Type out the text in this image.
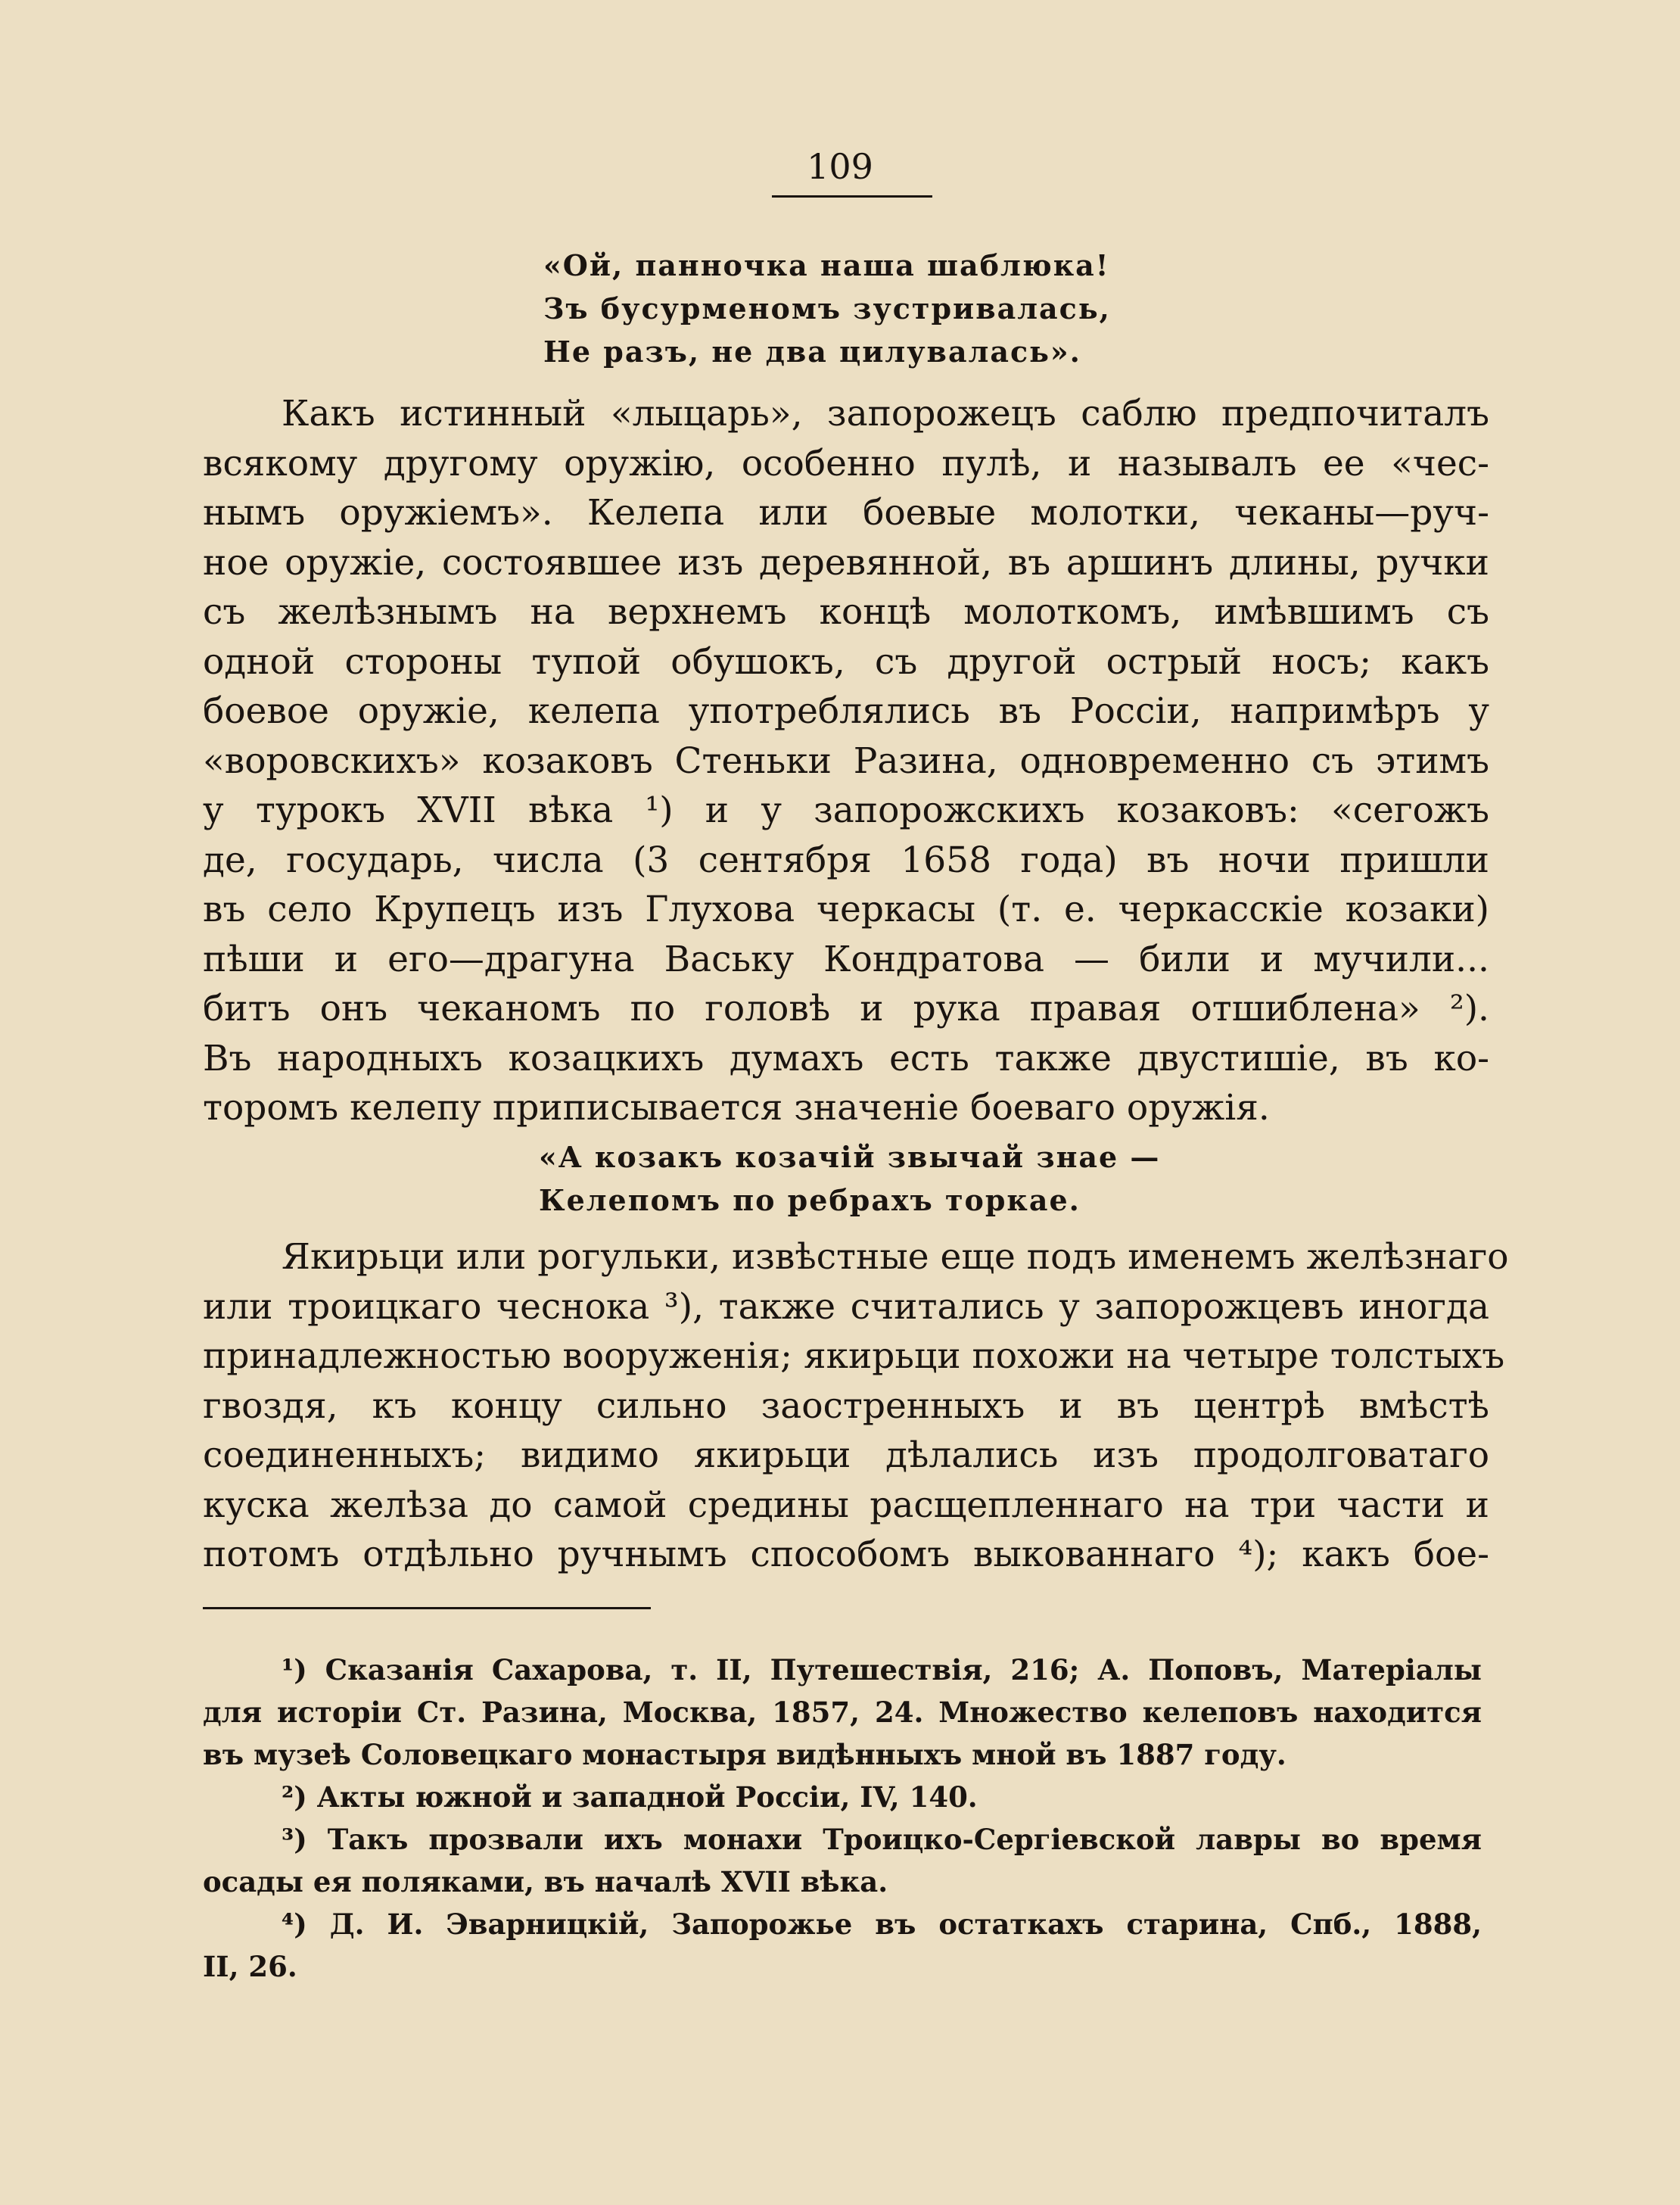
109
«Ой, панночка наша шаблюка!
Зъ бусурменомъ зустривалась,
Не разъ, не два цилувалась».
Какъ истинный «лыцарь», запорожецъ саблю предпочиталъ
всякому другому оружію, особенно пулѣ, и называлъ ее «чес-
нымъ оружіемъ». Келепа или боевые молотки, чеканы—руч-
ное оружіе, состоявшее изъ деревянной, въ аршинъ длины, ручки
съ желѣзнымъ на верхнемъ концѣ молоткомъ, имѣвшимъ съ
одной стороны тупой обушокъ, съ другой острый носъ; какъ
боевое оружіе, келепа употреблялись въ Россіи, напримѣръ у
«воровскихъ» козаковъ Стеньки Разина, одновременно съ этимъ
у турокъ XVII вѣка ¹) и у запорожскихъ козаковъ: «сегожъ
де, государь, числа (3 сентября 1658 года) въ ночи пришли
въ село Крупецъ изъ Глухова черкасы (т. е. черкасскіе козаки)
пѣши и его—драгуна Ваську Кондратова — били и мучили...
битъ онъ чеканомъ по головѣ и рука правая отшиблена» ²).
Въ народныхъ козацкихъ думахъ есть также двустишіе, въ ко-
торомъ келепу приписывается значеніе боеваго оружія.
«А козакъ козачій звычай знае —
Келепомъ по ребрахъ торкае.
Якирьци или рогульки, извѣстные еще подъ именемъ желѣзнаго
или троицкаго чеснока ³), также считались у запорожцевъ иногда
принадлежностью вооруженія; якирьци похожи на четыре толстыхъ
гвоздя, къ концу сильно заостренныхъ и въ центрѣ вмѣстѣ
соединенныхъ; видимо якирьци дѣлались изъ продолговатаго
куска желѣза до самой средины расщепленнаго на три части и
потомъ отдѣльно ручнымъ способомъ выкованнаго ⁴); какъ бое-
¹) Сказанія Сахарова, т. II, Путешествія, 216; А. Поповъ, Матеріалы
для исторіи Ст. Разина, Москва, 1857, 24. Множество келеповъ находится
въ музеѣ Соловецкаго монастыря видѣнныхъ мной въ 1887 году.
²) Акты южной и западной Россіи, IV, 140.
³) Такъ прозвали ихъ монахи Троицко-Сергіевской лавры во время
осады ея поляками, въ началѣ XVII вѣка.
⁴) Д. И. Эварницкій, Запорожье въ остаткахъ старина, Спб., 1888,
II, 26.
